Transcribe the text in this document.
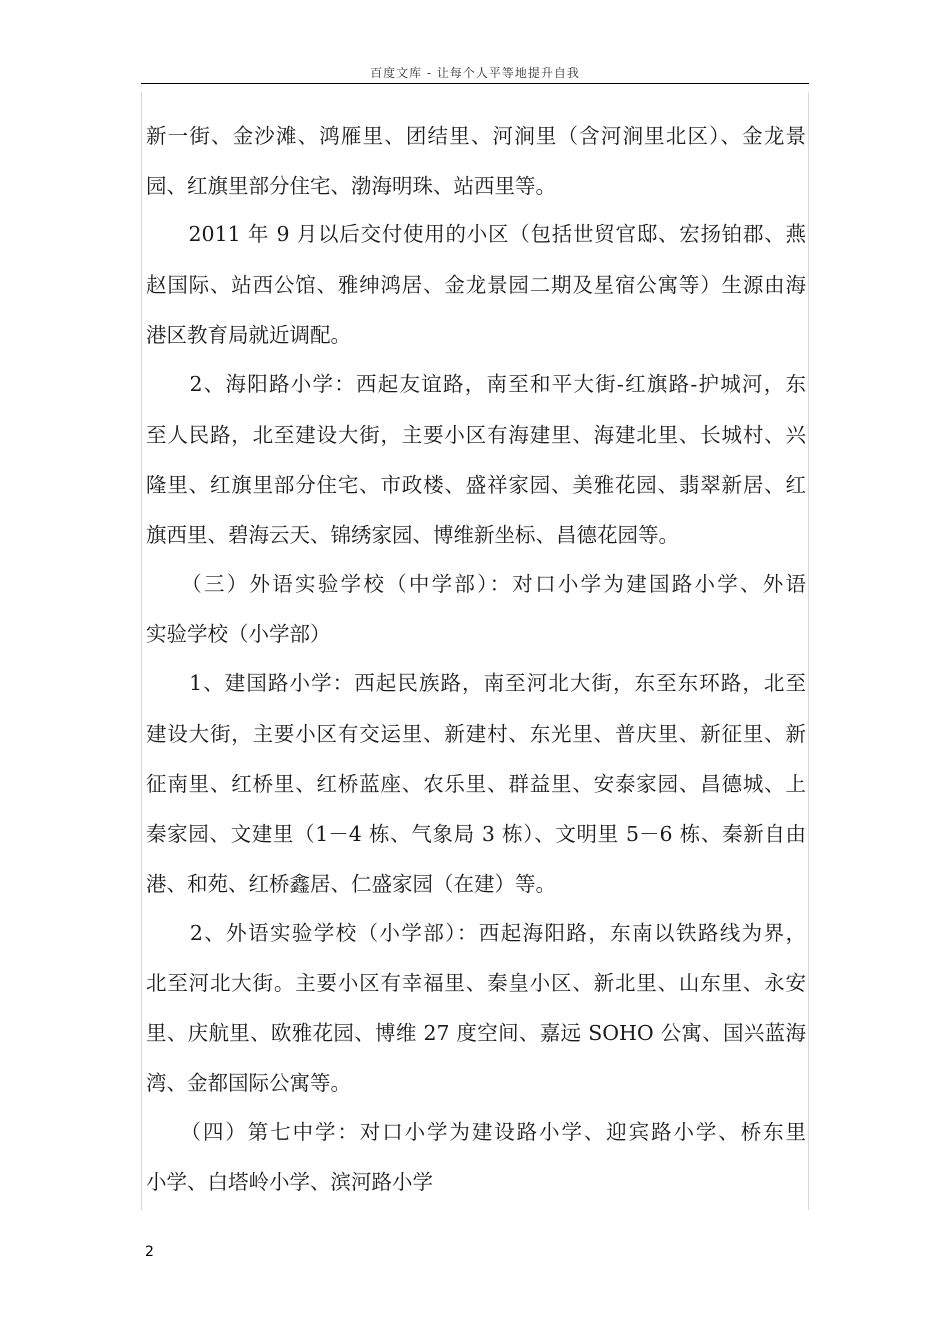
百度文库 - 让每个人平等地提升自我
新一街、金沙滩、鸿雁里、团结里、河涧里（含河涧里北区）、金龙景
园、红旗里部分住宅、渤海明珠、站西里等。
　　2011 年 9 月以后交付使用的小区（包括世贸官邸、宏扬铂郡、燕
赵国际、站西公馆、雅绅鸿居、金龙景园二期及星宿公寓等）生源由海
港区教育局就近调配。
　　2、海阳路小学：西起友谊路，南至和平大街-红旗路-护城河，东
至人民路，北至建设大街，主要小区有海建里、海建北里、长城村、兴
隆里、红旗里部分住宅、市政楼、盛祥家园、美雅花园、翡翠新居、红
旗西里、碧海云天、锦绣家园、博维新坐标、昌德花园等。
　　（三）外语实验学校（中学部）：对口小学为建国路小学、外语
实验学校（小学部）
　　1、建国路小学：西起民族路，南至河北大街，东至东环路，北至
建设大街，主要小区有交运里、新建村、东光里、普庆里、新征里、新
征南里、红桥里、红桥蓝座、农乐里、群益里、安泰家园、昌德城、上
秦家园、文建里（1－4 栋、气象局 3 栋）、文明里 5－6 栋、秦新自由
港、和苑、红桥鑫居、仁盛家园（在建）等。
　　2、外语实验学校（小学部）：西起海阳路，东南以铁路线为界，
北至河北大街。主要小区有幸福里、秦皇小区、新北里、山东里、永安
里、庆航里、欧雅花园、博维 27 度空间、嘉远 SOHO 公寓、国兴蓝海
湾、金都国际公寓等。
　　（四）第七中学：对口小学为建设路小学、迎宾路小学、桥东里
小学、白塔岭小学、滨河路小学
2
